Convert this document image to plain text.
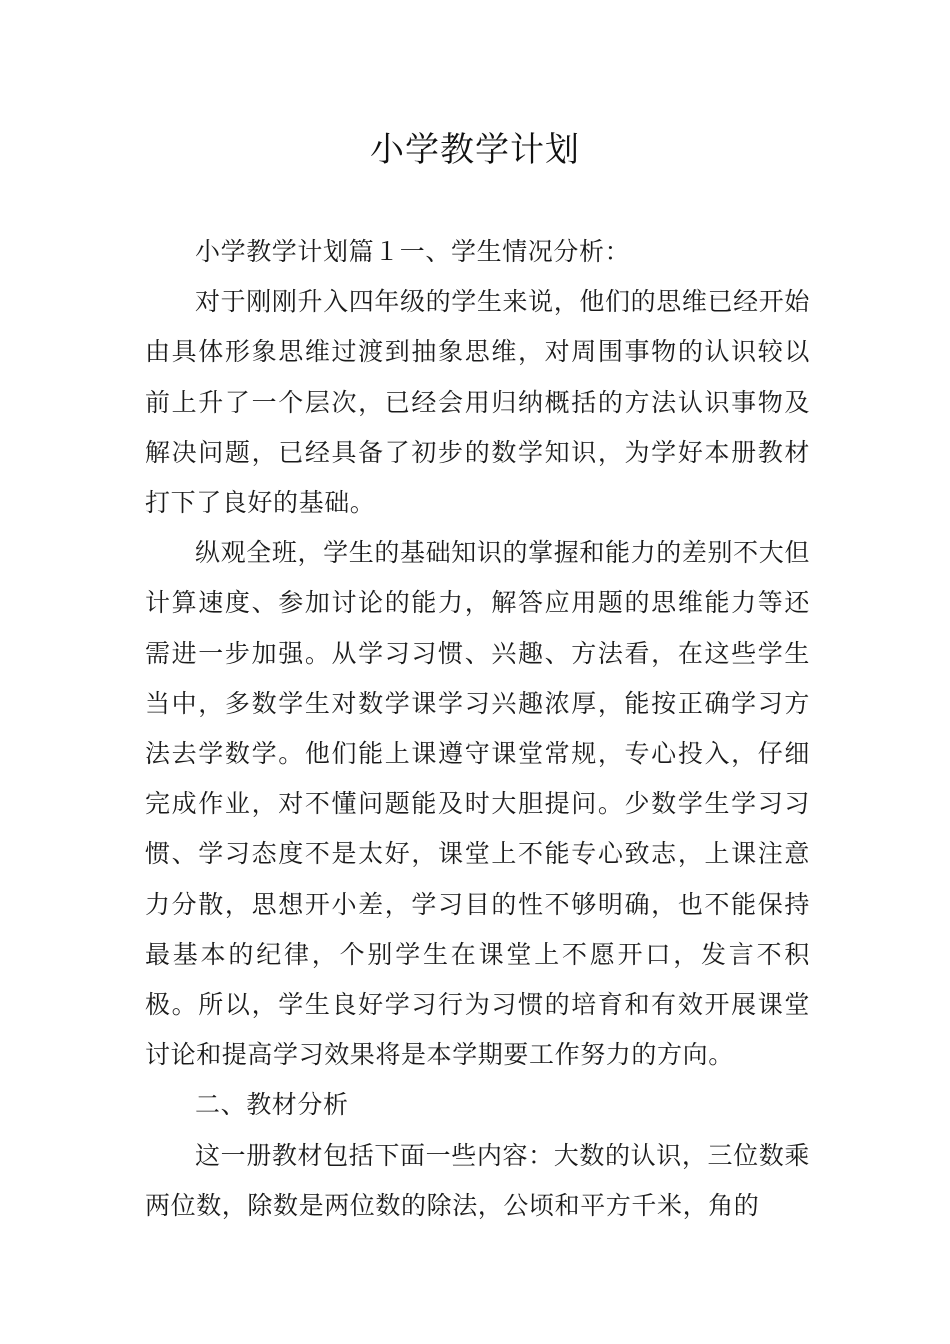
小学教学计划

小学教学计划篇１一、学生情况分析：

对于刚刚升入四年级的学生来说，他们的思维已经开始由具体形象思维过渡到抽象思维，对周围事物的认识较以前上升了一个层次，已经会用归纳概括的方法认识事物及解决问题，已经具备了初步的数学知识，为学好本册教材打下了良好的基础。

纵观全班，学生的基础知识的掌握和能力的差别不大但计算速度、参加讨论的能力，解答应用题的思维能力等还需进一步加强。从学习习惯、兴趣、方法看，在这些学生当中，多数学生对数学课学习兴趣浓厚，能按正确学习方法去学数学。他们能上课遵守课堂常规，专心投入，仔细完成作业，对不懂问题能及时大胆提问。少数学生学习习惯、学习态度不是太好，课堂上不能专心致志，上课注意力分散，思想开小差，学习目的性不够明确，也不能保持最基本的纪律，个别学生在课堂上不愿开口，发言不积极。所以，学生良好学习行为习惯的培育和有效开展课堂讨论和提高学习效果将是本学期要工作努力的方向。

二、教材分析

这一册教材包括下面一些内容：大数的认识，三位数乘两位数，除数是两位数的除法，公顷和平方千米，角的
